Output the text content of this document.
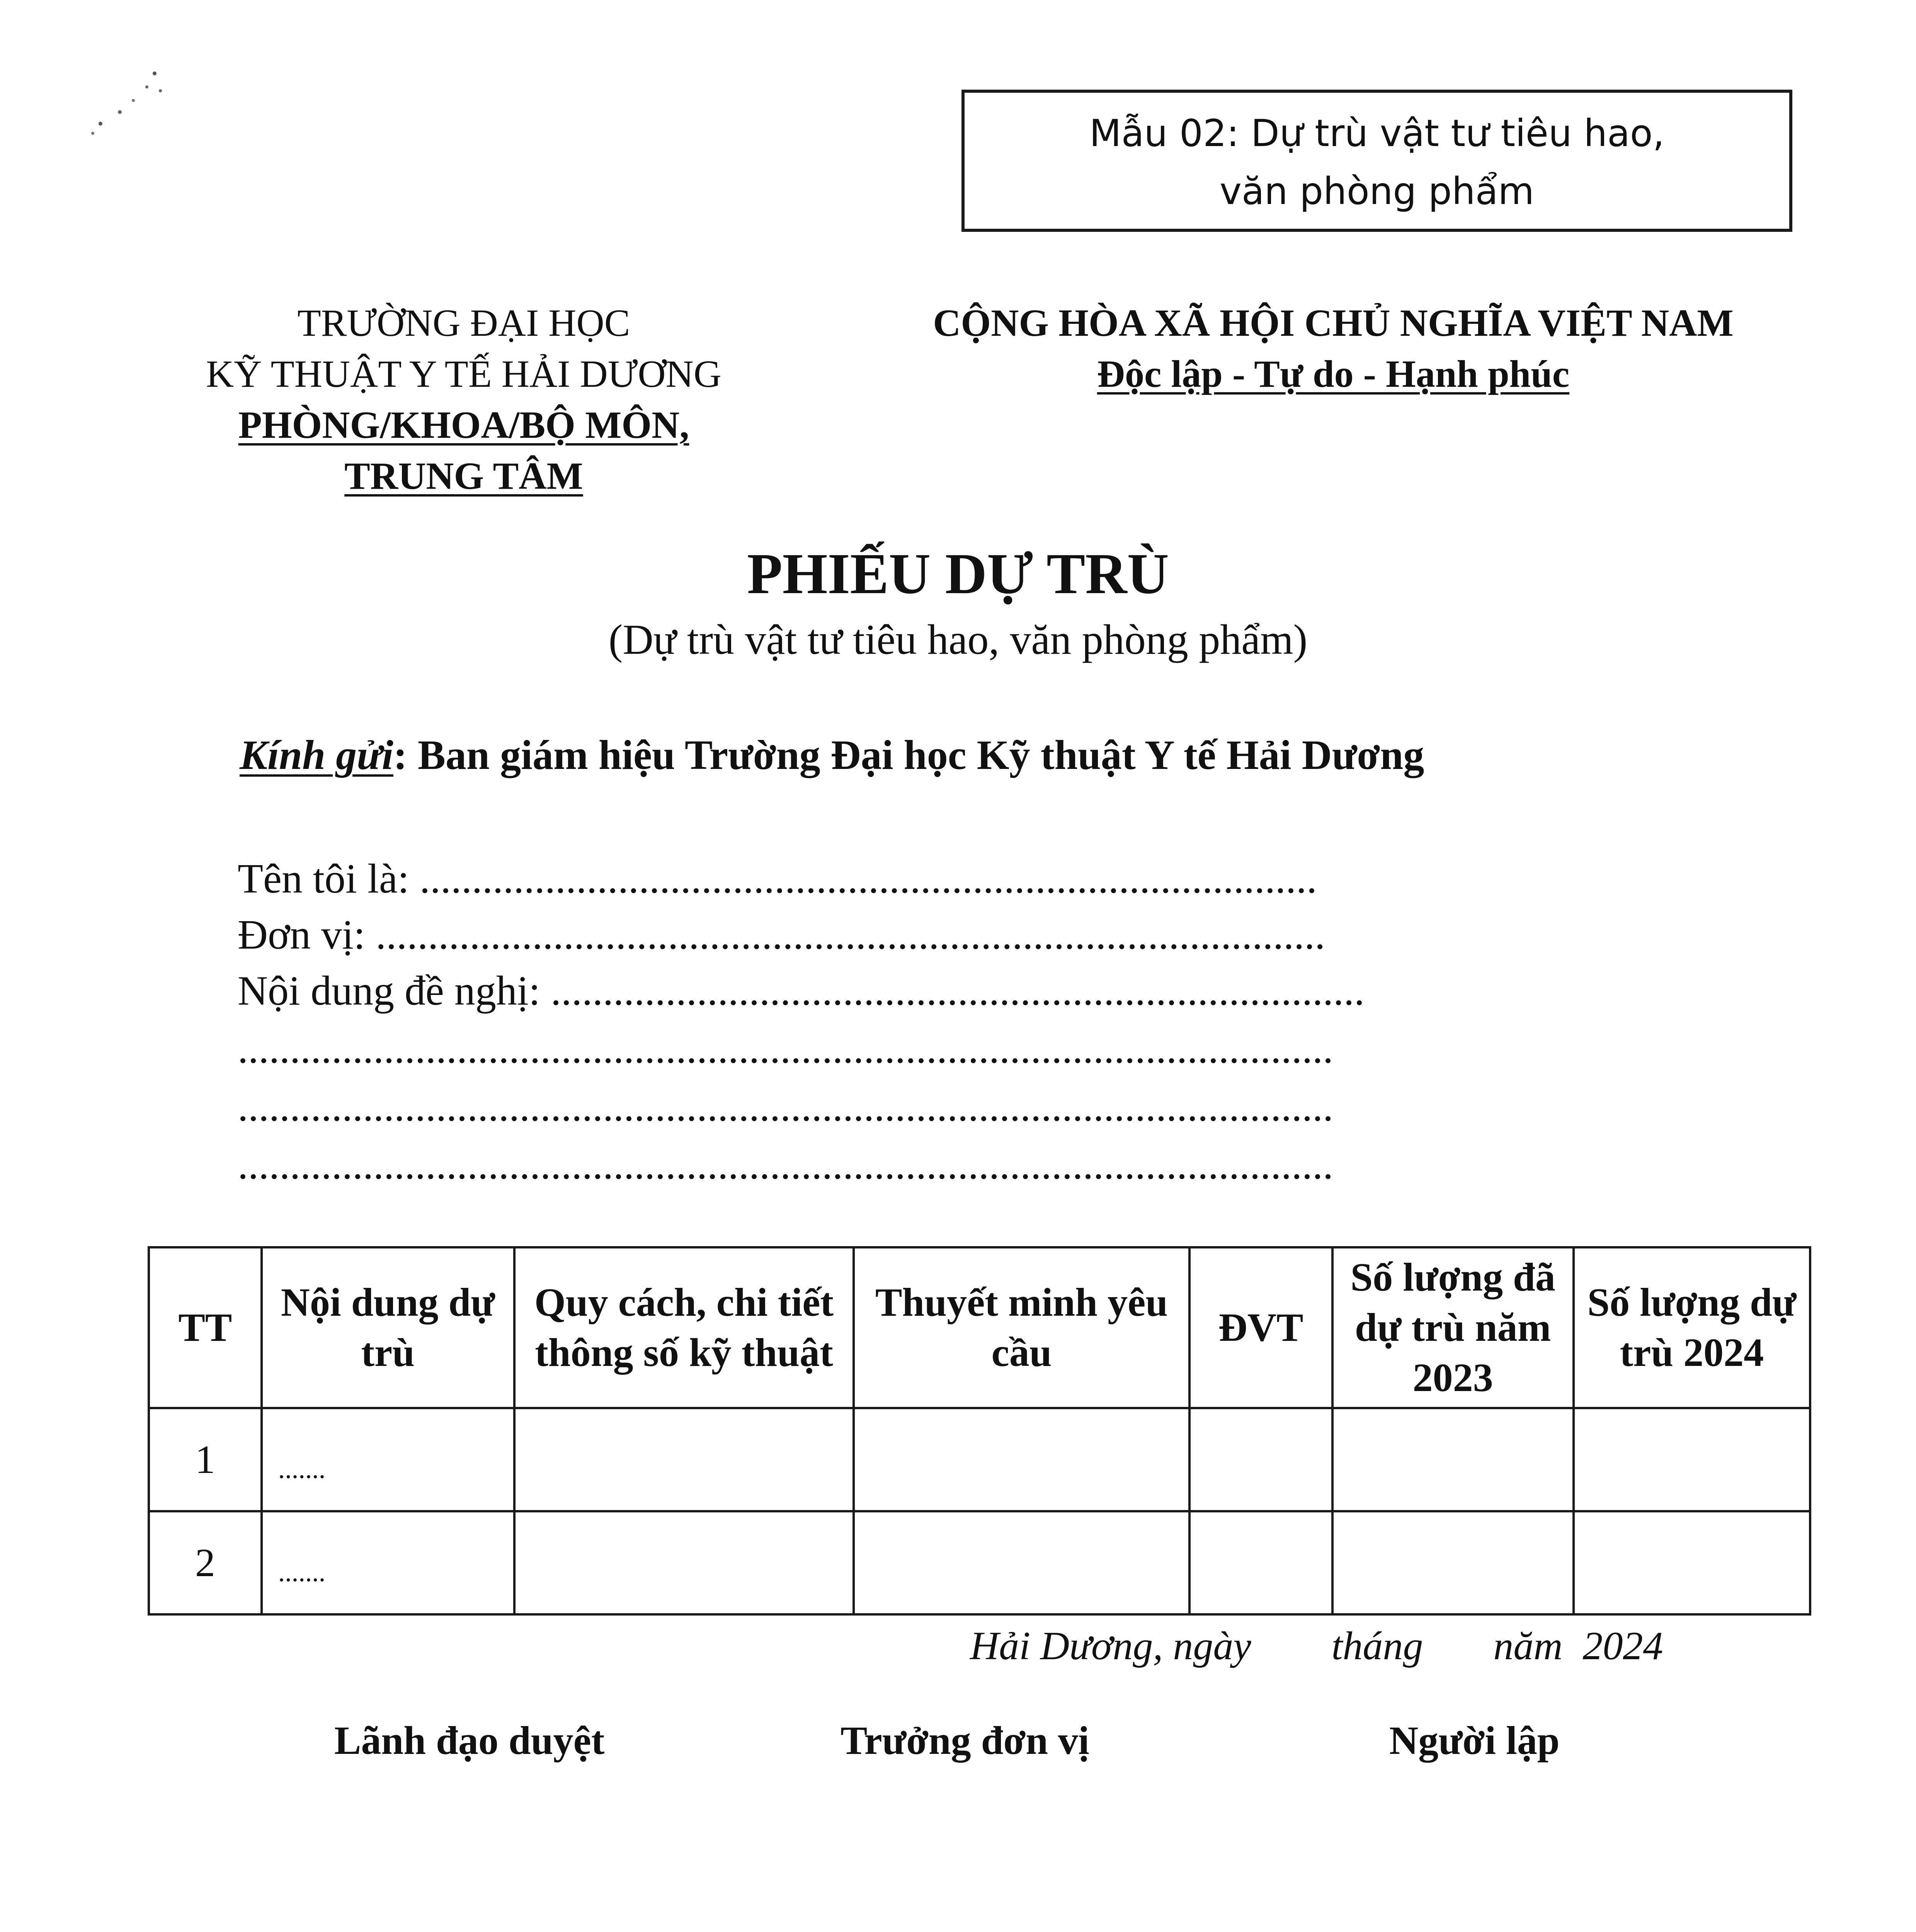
Mẫu 02: Dự trù vật tư tiêu hao,
văn phòng phẩm
TRƯỜNG ĐẠI HỌC
KỸ THUẬT Y TẾ HẢI DƯƠNG
PHÒNG/KHOA/BỘ MÔN,
TRUNG TÂM
CỘNG HÒA XÃ HỘI CHỦ NGHĨA VIỆT NAM
Độc lập - Tự do - Hạnh phúc
PHIẾU DỰ TRÙ
(Dự trù vật tư tiêu hao, văn phòng phẩm)
Kính gửi: Ban giám hiệu Trường Đại học Kỹ thuật Y tế Hải Dương
Tên tôi là: ......................................................................................
Đơn vị: ...........................................................................................
Nội dung đề nghị: ..............................................................................
.........................................................................................................
.........................................................................................................
.........................................................................................................
TT	Nội dung dự trù	Quy cách, chi tiết thông số kỹ thuật	Thuyết minh yêu cầu	ĐVT	Số lượng đã dự trù năm 2023	Số lượng dự trù 2024
1	.......					
2	.......					
Hải Dương, ngày        tháng       năm  2024
Lãnh đạo duyệt	Trưởng đơn vị	Người lập
